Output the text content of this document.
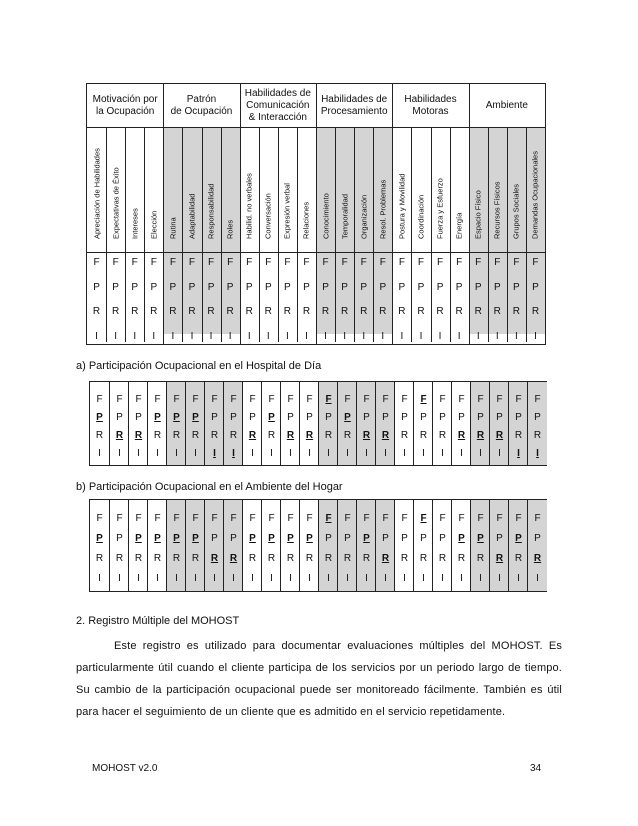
Motivación por
la Ocupación
Patrón
de Ocupación
Habilidades de
Comunicación
& Interacción
Habilidades de
Procesamiento
Habilidades
Motoras
Ambiente
Apreciación de Habilidades Expectativas de Éxito Intereses Elección Rutina Adaptabilidad Responsabilidad Roles Habilid. no verbales Conversación Expresión verbal Relaciones Conocimiento Temporalidad Organización Resol. Problemas Postura y Movilidad Coordinación Fuerza y Esfuerzo Energía Espacio Físico Recursos Físicos Grupos Sociales Demandas Ocupacionales
F
P
R
I
F
P
R
I
F
P
R
I
F
P
R
I
F
P
R
I
F
P
R
I
F
P
R
I
F
P
R
I
F
P
R
I
F
P
R
I
F
P
R
I
F
P
R
I
F
P
R
I
F
P
R
I
F
P
R
I
F
P
R
I
F
P
R
I
F
P
R
I
F
P
R
I
F
P
R
I
F
P
R
I
F
P
R
I
F
P
R
I
F
P
R
I
a) Participación Ocupacional en el Hospital de Día
F
P
R
I
F
P
R
I
F
P
R
I
F
P
R
I
F
P
R
I
F
P
R
I
F
P
R
I
F
P
R
I
F
P
R
I
F
P
R
I
F
P
R
I
F
P
R
I
F
P
R
I
F
P
R
I
F
P
R
I
F
P
R
I
F
P
R
I
F
P
R
I
F
P
R
I
F
P
R
I
F
P
R
I
F
P
R
I
F
P
R
I
F
P
R
I
b) Participación Ocupacional en el Ambiente del Hogar
F
P
R
I
F
P
R
I
F
P
R
I
F
P
R
I
F
P
R
I
F
P
R
I
F
P
R
I
F
P
R
I
F
P
R
I
F
P
R
I
F
P
R
I
F
P
R
I
F
P
R
I
F
P
R
I
F
P
R
I
F
P
R
I
F
P
R
I
F
P
R
I
F
P
R
I
F
P
R
I
F
P
R
I
F
P
R
I
F
P
R
I
F
P
R
I
2. Registro Múltiple del MOHOST
Este registro es utilizado para documentar evaluaciones múltiples del MOHOST. Es particularmente útil cuando el cliente participa de los servicios por un periodo largo de tiempo. Su cambio de la participación ocupacional puede ser monitoreado fácilmente. También es útil para hacer el seguimiento de un cliente que es admitido en el servicio repetidamente.
MOHOST v2.0	34
